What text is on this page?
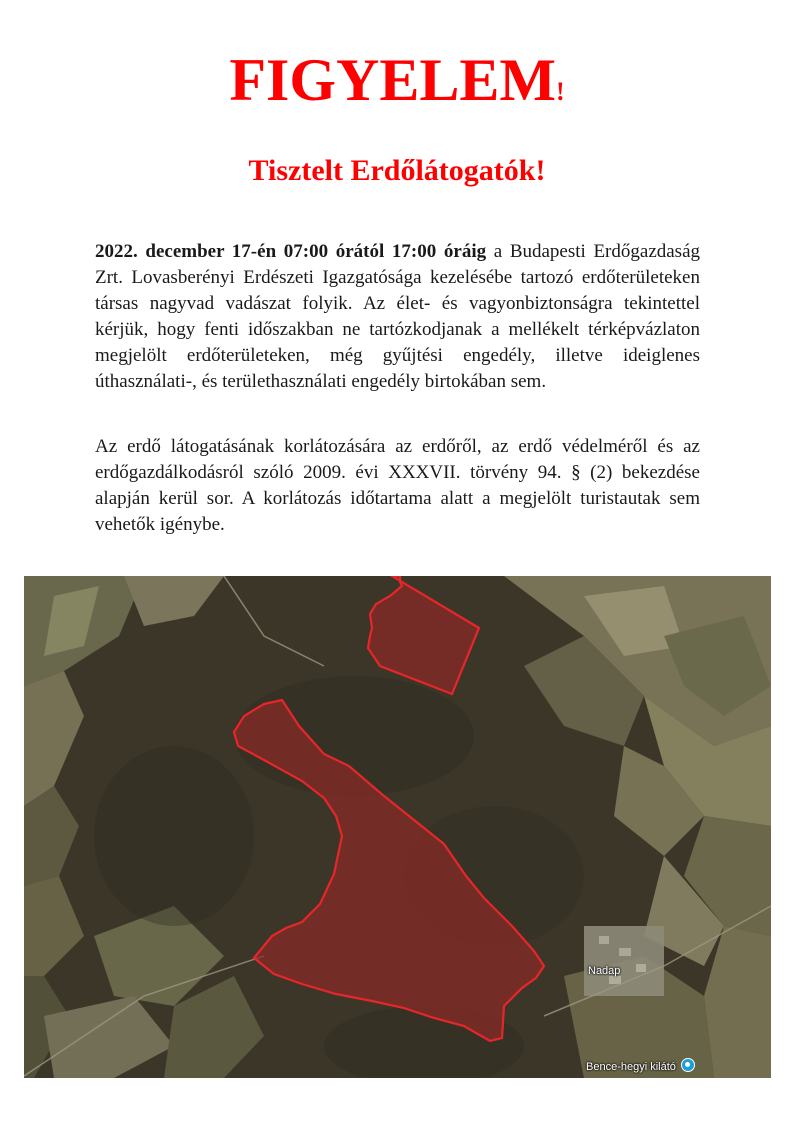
FIGYELEM!
Tisztelt Erdőlátogatók!

2022. december 17-én 07:00 órától 17:00 óráig a Budapesti Erdőgazdaság Zrt. Lovasberényi Erdészeti Igazgatósága kezelésébe tartozó erdőterületeken társas nagyvad vadászat folyik. Az élet- és vagyonbiztonságra tekintettel kérjük, hogy fenti időszakban ne tartózkodjanak a mellékelt térképvázlaton megjelölt erdőterületeken, még gyűjtési engedély, illetve ideiglenes úthasználati-, és területhasználati engedély birtokában sem.

Az erdő látogatásának korlátozására az erdőről, az erdő védelméről és az erdőgazdálkodásról szóló 2009. évi XXXVII. törvény 94. § (2) bekezdése alapján kerül sor. A korlátozás időtartama alatt a megjelölt turistautak sem vehetők igénybe.

Nadap
Bence-hegyi kilátó
